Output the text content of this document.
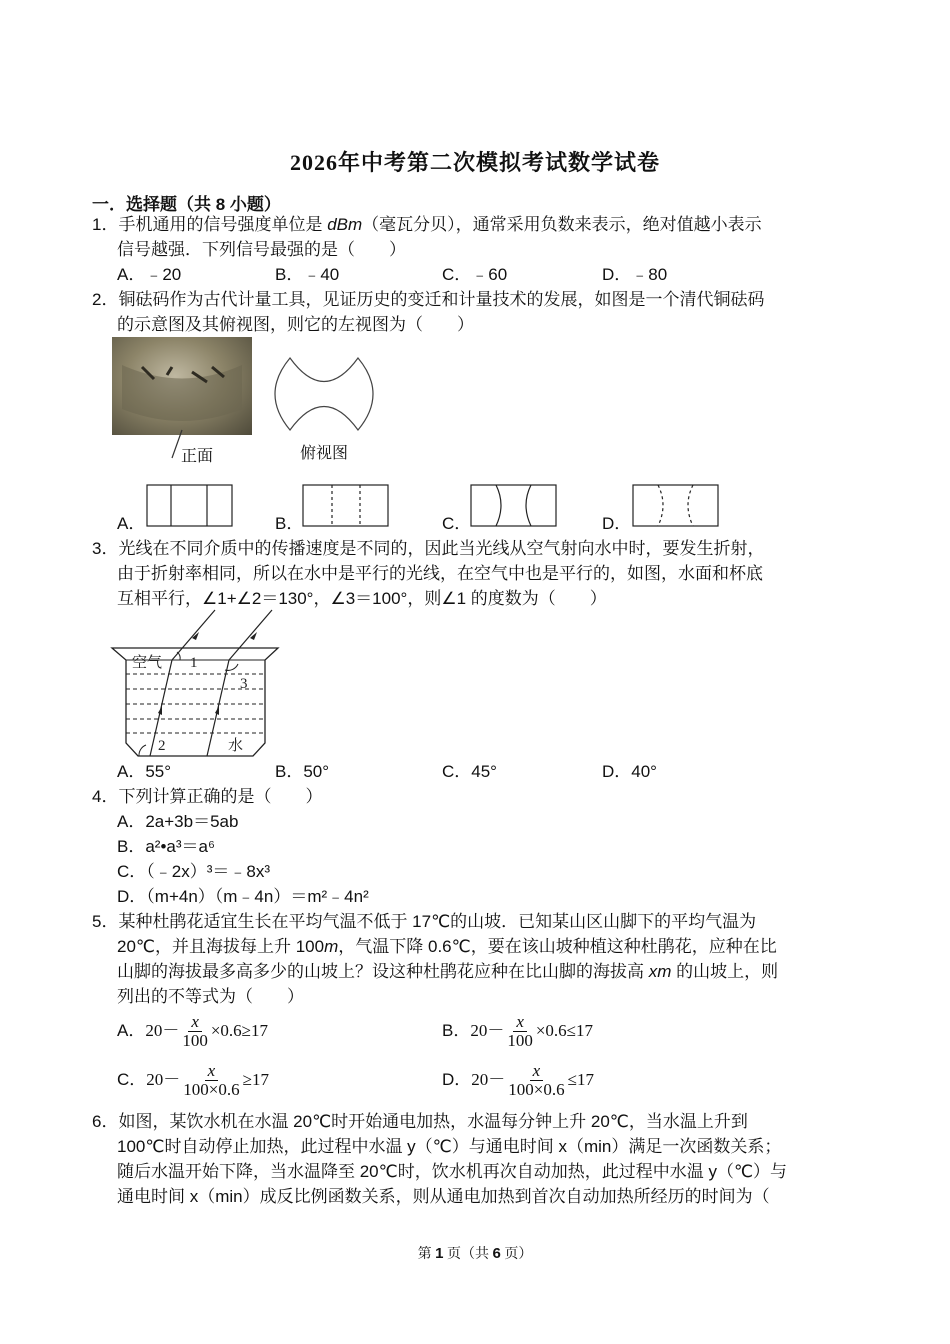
2026年中考第二次模拟考试数学试卷
一．选择题（共 8 小题）
1．手机通用的信号强度单位是 dBm（毫瓦分贝），通常采用负数来表示，绝对值越小表示
信号越强．下列信号最强的是（　　）
A．﹣20	B．﹣40	C．﹣60	D．﹣80
2．铜砝码作为古代计量工具，见证历史的变迁和计量技术的发展，如图是一个清代铜砝码
的示意图及其俯视图，则它的左视图为（　　）
正面	俯视图
A．	B．	C．	D．
3．光线在不同介质中的传播速度是不同的，因此当光线从空气射向水中时，要发生折射，
由于折射率相同，所以在水中是平行的光线，在空气中也是平行的，如图，水面和杯底
互相平行，∠1+∠2＝130°，∠3＝100°，则∠1 的度数为（　　）
空气 1
3
2	水
A．55°	B．50°	C．45°	D．40°
4．下列计算正确的是（　　）
A．2a+3b＝5ab
B．a²•a³＝a⁶
C．（﹣2x）³＝﹣8x³
D．（m+4n）（m﹣4n）＝m²﹣4n²
5．某种杜鹃花适宜生长在平均气温不低于 17℃的山坡．已知某山区山脚下的平均气温为
20℃，并且海拔每上升 100m，气温下降 0.6℃，要在该山坡种植这种杜鹃花，应种在比
山脚的海拔最多高多少的山坡上？设这种杜鹃花应种在比山脚的海拔高 xm 的山坡上，则
列出的不等式为（　　）
A．$20- \frac{x}{100} \times 0.6\ge 17$	B．$20- \frac{x}{100} \times 0.6\le 17$
C．$20- \frac{x}{100\times 0.6} \ge 17$	D．$20- \frac{x}{100\times 0.6} \le 17$
6．如图，某饮水机在水温 20℃时开始通电加热，水温每分钟上升 20℃，当水温上升到
100℃时自动停止加热，此过程中水温 y（℃）与通电时间 x（min）满足一次函数关系；
随后水温开始下降，当水温降至 20℃时，饮水机再次自动加热，此过程中水温 y（℃）与
通电时间 x（min）成反比例函数关系，则从通电加热到首次自动加热所经历的时间为（
第 1 页（共 6 页）
